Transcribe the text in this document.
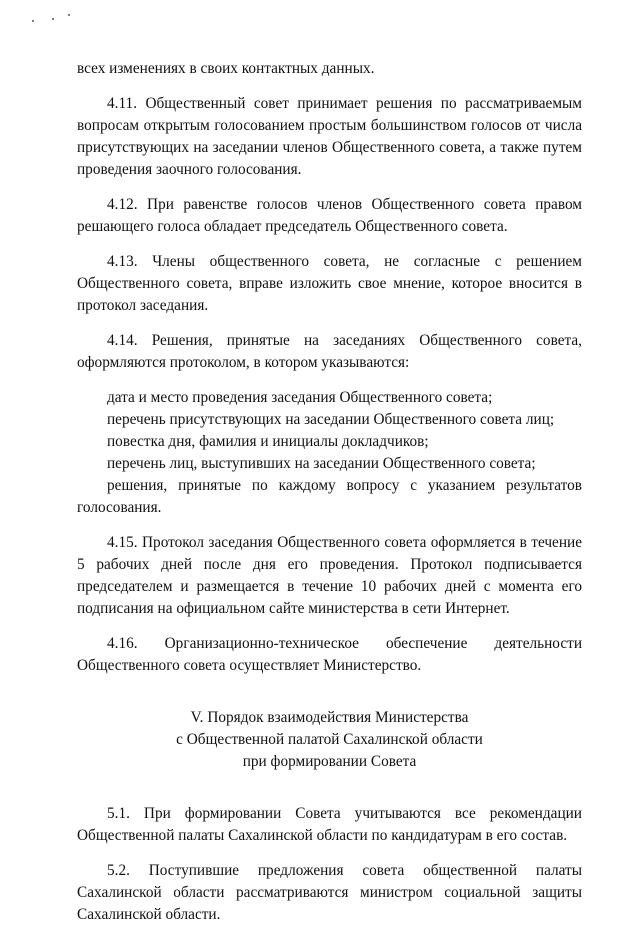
всех изменениях в своих контактных данных.

4.11. Общественный совет принимает решения по рассматриваемым
вопросам открытым голосованием простым большинством голосов от числа
присутствующих на заседании членов Общественного совета, а также путем
проведения заочного голосования.

4.12. При равенстве голосов членов Общественного совета правом
решающего голоса обладает председатель Общественного совета.

4.13. Члены общественного совета, не согласные с решением
Общественного совета, вправе изложить свое мнение, которое вносится в
протокол заседания.

4.14. Решения, принятые на заседаниях Общественного совета,
оформляются протоколом, в котором указываются:

дата и место проведения заседания Общественного совета;
перечень присутствующих на заседании Общественного совета лиц;
повестка дня, фамилия и инициалы докладчиков;
перечень лиц, выступивших на заседании Общественного совета;
решения, принятые по каждому вопросу с указанием результатов
голосования.

4.15. Протокол заседания Общественного совета оформляется в течение
5 рабочих дней после дня его проведения. Протокол подписывается
председателем и размещается в течение 10 рабочих дней с момента его
подписания на официальном сайте министерства в сети Интернет.

4.16. Организационно-техническое обеспечение деятельности
Общественного совета осуществляет Министерство.

V. Порядок взаимодействия Министерства
с Общественной палатой Сахалинской области
при формировании Совета

5.1. При формировании Совета учитываются все рекомендации
Общественной палаты Сахалинской области по кандидатурам в его состав.

5.2. Поступившие предложения совета общественной палаты
Сахалинской области рассматриваются министром социальной защиты
Сахалинской области.
